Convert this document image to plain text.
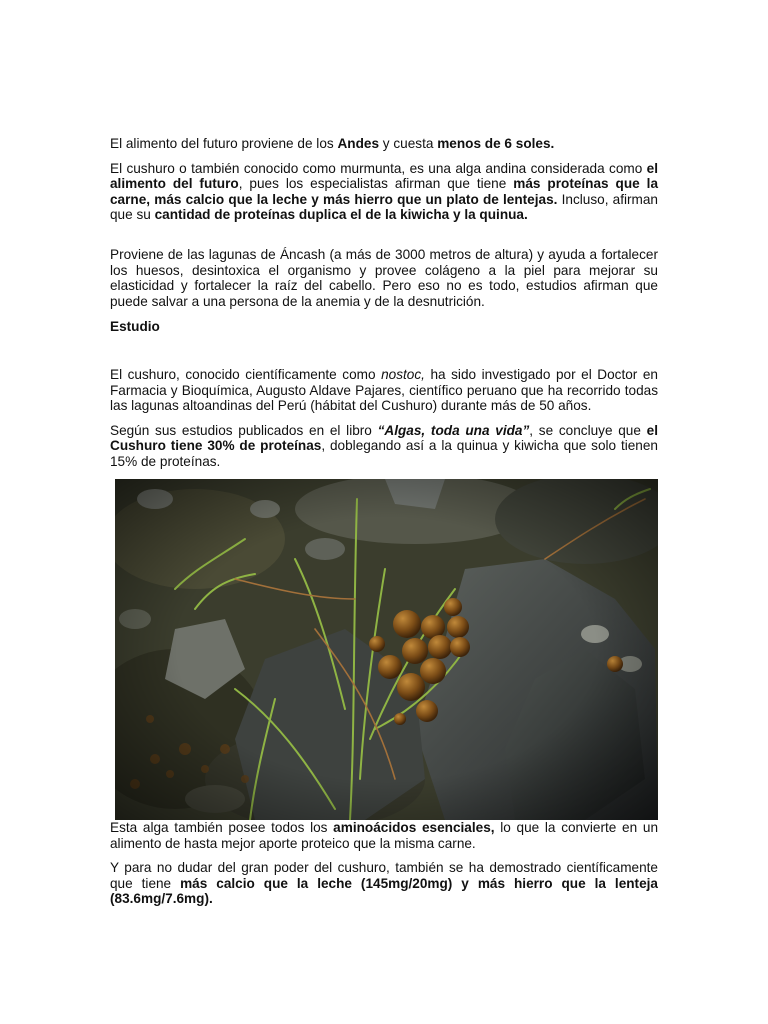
El alimento del futuro proviene de los Andes y cuesta menos de 6 soles.

El cushuro o también conocido como murmunta, es una alga andina considerada como el alimento del futuro, pues los especialistas afirman que tiene más proteínas que la carne, más calcio que la leche y más hierro que un plato de lentejas. Incluso, afirman que su cantidad de proteínas duplica el de la kiwicha y la quinua.

Proviene de las lagunas de Áncash (a más de 3000 metros de altura) y ayuda a fortalecer los huesos, desintoxica el organismo y provee colágeno a la piel para mejorar su elasticidad y fortalecer la raíz del cabello. Pero eso no es todo, estudios afirman que puede salvar a una persona de la anemia y de la desnutrición.

Estudio

El cushuro, conocido científicamente como nostoc, ha sido investigado por el Doctor en Farmacia y Bioquímica, Augusto Aldave Pajares, científico peruano que ha recorrido todas las lagunas altoandinas del Perú (hábitat del Cushuro) durante más de 50 años.

Según sus estudios publicados en el libro “Algas, toda una vida”, se concluye que el Cushuro tiene 30% de proteínas, doblegando así a la quinua y kiwicha que solo tienen 15% de proteínas.

Esta alga también posee todos los aminoácidos esenciales, lo que la convierte en un alimento de hasta mejor aporte proteico que la misma carne.

Y para no dudar del gran poder del cushuro, también se ha demostrado científicamente que tiene más calcio que la leche (145mg/20mg) y más hierro que la lenteja (83.6mg/7.6mg).
